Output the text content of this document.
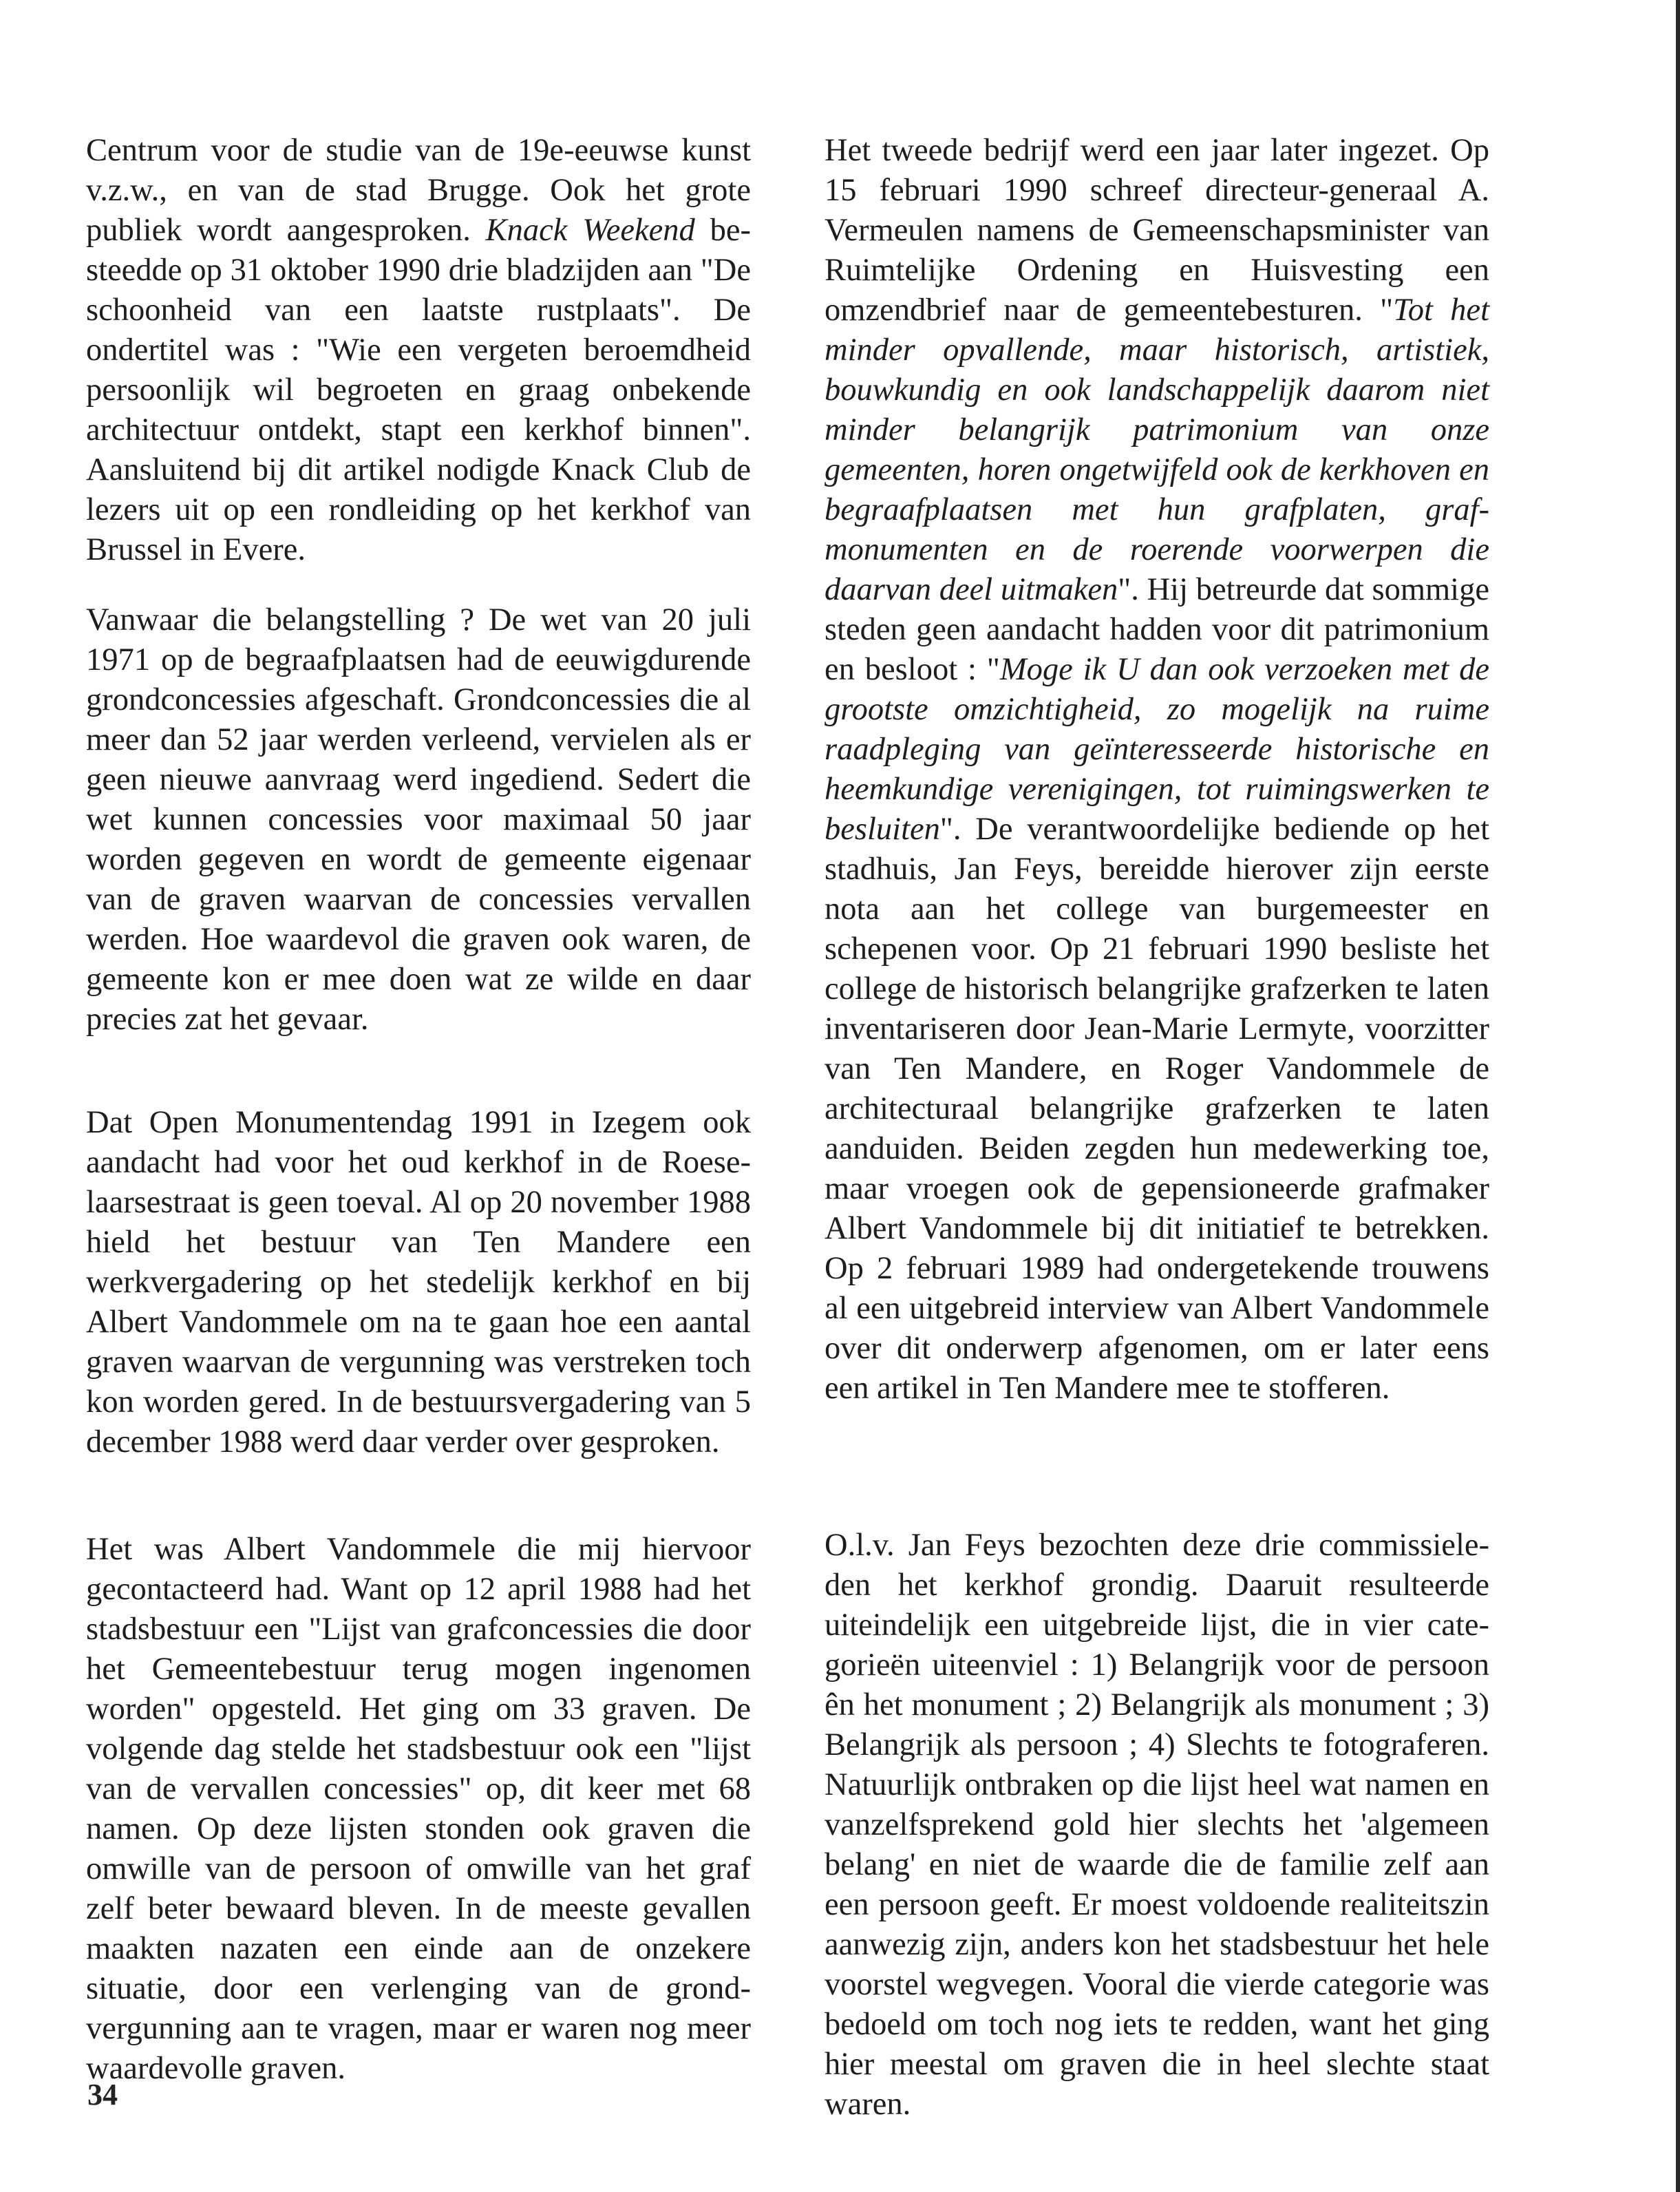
Centrum voor de studie van de 19e-eeuwse kunst v.z.w., en van de stad Brugge. Ook het grote publiek wordt aangesproken. Knack Weekend besteedde op 31 oktober 1990 drie bladzijden aan "De schoonheid van een laatste rustplaats". De ondertitel was : "Wie een vergeten beroemdheid persoonlijk wil begroeten en graag onbekende architectuur ontdekt, stapt een kerkhof binnen". Aansluitend bij dit artikel nodigde Knack Club de lezers uit op een rondleiding op het kerkhof van Brussel in Evere.

Vanwaar die belangstelling ? De wet van 20 juli 1971 op de begraafplaatsen had de eeuwigdurende grondconcessies afgeschaft. Grondconcessies die al meer dan 52 jaar werden verleend, vervielen als er geen nieuwe aanvraag werd ingediend. Sedert die wet kunnen concessies voor maximaal 50 jaar worden gegeven en wordt de gemeente eigenaar van de graven waarvan de concessies vervallen werden. Hoe waardevol die graven ook waren, de gemeente kon er mee doen wat ze wilde en daar precies zat het gevaar.

Dat Open Monumentendag 1991 in Izegem ook aandacht had voor het oud kerkhof in de Roeselaarsestraat is geen toeval. Al op 20 november 1988 hield het bestuur van Ten Mandere een werkvergadering op het stedelijk kerkhof en bij Albert Vandommele om na te gaan hoe een aantal graven waarvan de vergunning was verstreken toch kon worden gered. In de bestuursvergadering van 5 december 1988 werd daar verder over gesproken.

Het was Albert Vandommele die mij hiervoor gecontacteerd had. Want op 12 april 1988 had het stadsbestuur een "Lijst van grafconcessies die door het Gemeentebestuur terug mogen ingenomen worden" opgesteld. Het ging om 33 graven. De volgende dag stelde het stadsbestuur ook een "lijst van de vervallen concessies" op, dit keer met 68 namen. Op deze lijsten stonden ook graven die omwille van de persoon of omwille van het graf zelf beter bewaard bleven. In de meeste gevallen maakten nazaten een einde aan de onzekere situatie, door een verlenging van de grondvergunning aan te vragen, maar er waren nog meer waardevolle graven.

Het tweede bedrijf werd een jaar later ingezet. Op 15 februari 1990 schreef directeur-generaal A. Vermeulen namens de Gemeenschapsminister van Ruimtelijke Ordening en Huisvesting een omzendbrief naar de gemeentebesturen. "Tot het minder opvallende, maar historisch, artistiek, bouwkundig en ook landschappelijk daarom niet minder belangrijk patrimonium van onze gemeenten, horen ongetwijfeld ook de kerkhoven en begraafplaatsen met hun grafplaten, grafmonumenten en de roerende voorwerpen die daarvan deel uitmaken". Hij betreurde dat sommige steden geen aandacht hadden voor dit patrimonium en besloot : "Moge ik U dan ook verzoeken met de grootste omzichtigheid, zo mogelijk na ruime raadpleging van geïnteresseerde historische en heemkundige verenigingen, tot ruimingswerken te besluiten". De verantwoordelijke bediende op het stadhuis, Jan Feys, bereidde hierover zijn eerste nota aan het college van burgemeester en schepenen voor. Op 21 februari 1990 besliste het college de historisch belangrijke grafzerken te laten inventariseren door Jean-Marie Lermyte, voorzitter van Ten Mandere, en Roger Vandommele de architecturaal belangrijke grafzerken te laten aanduiden. Beiden zegden hun medewerking toe, maar vroegen ook de gepensioneerde grafmaker Albert Vandommele bij dit initiatief te betrekken. Op 2 februari 1989 had ondergetekende trouwens al een uitgebreid interview van Albert Vandommele over dit onderwerp afgenomen, om er later eens een artikel in Ten Mandere mee te stofferen.

O.l.v. Jan Feys bezochten deze drie commissieleden het kerkhof grondig. Daaruit resulteerde uiteindelijk een uitgebreide lijst, die in vier categorieën uiteenviel : 1) Belangrijk voor de persoon ên het monument ; 2) Belangrijk als monument ; 3) Belangrijk als persoon ; 4) Slechts te fotograferen. Natuurlijk ontbraken op die lijst heel wat namen en vanzelfsprekend gold hier slechts het 'algemeen belang' en niet de waarde die de familie zelf aan een persoon geeft. Er moest voldoende realiteitszin aanwezig zijn, anders kon het stadsbestuur het hele voorstel wegvegen. Vooral die vierde categorie was bedoeld om toch nog iets te redden, want het ging hier meestal om graven die in heel slechte staat waren.

34
